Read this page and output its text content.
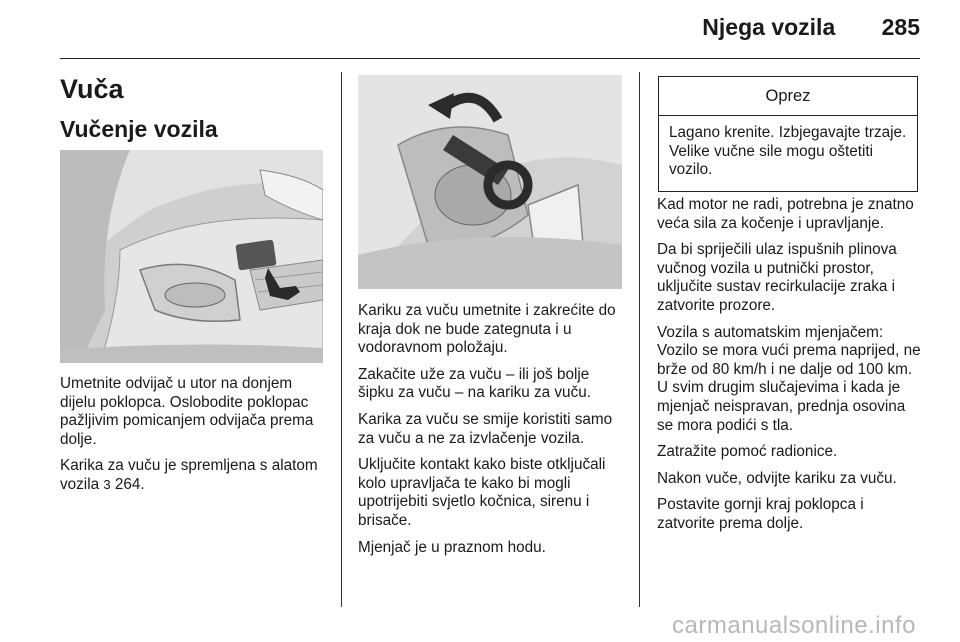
Njega vozila 285
Vuča
Vučenje vozila

Umetnite odvijač u utor na donjem dijelu poklopca. Oslobodite poklopac pažljivim pomicanjem odvijača prema dolje.

Karika za vuču je spremljena s alatom vozila 3 264.

Kariku za vuču umetnite i zakrećite do kraja dok ne bude zategnuta i u vodoravnom položaju.

Zakačite uže za vuču – ili još bolje šipku za vuču – na kariku za vuču.

Karika za vuču se smije koristiti samo za vuču a ne za izvlačenje vozila.

Uključite kontakt kako biste otključali kolo upravljača te kako bi mogli upotrijebiti svjetlo kočnica, sirenu i brisače.

Mjenjač je u praznom hodu.

Oprez
Lagano krenite. Izbjegavajte trzaje. Velike vučne sile mogu oštetiti vozilo.

Kad motor ne radi, potrebna je znatno veća sila za kočenje i upravljanje.

Da bi spriječili ulaz ispušnih plinova vučnog vozila u putnički prostor, uključite sustav recirkulacije zraka i zatvorite prozore.

Vozila s automatskim mjenjačem: Vozilo se mora vući prema naprijed, ne brže od 80 km/h i ne dalje od 100 km. U svim drugim slučajevima i kada je mjenjač neispravan, prednja osovina se mora podići s tla.

Zatražite pomoć radionice.

Nakon vuče, odvijte kariku za vuču.

Postavite gornji kraj poklopca i zatvorite prema dolje.

carmanualsonline.info
